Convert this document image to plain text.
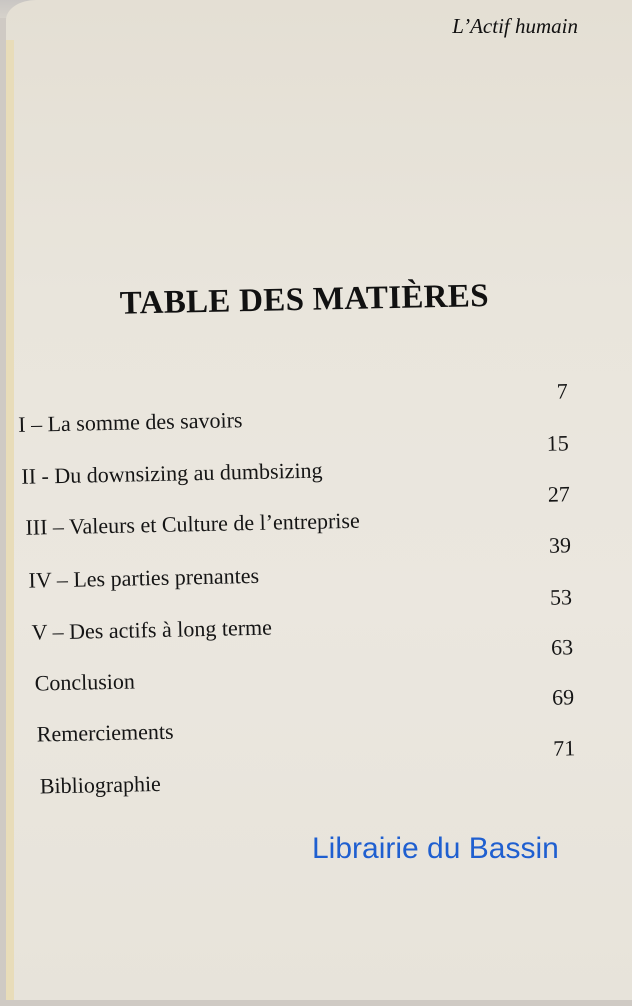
L’Actif humain
TABLE DES MATIÈRES
7
I – La somme des savoirs
15
II - Du downsizing au dumbsizing
27
III – Valeurs et Culture de l’entreprise
39
IV – Les parties prenantes
53
V – Des actifs à long terme
63
Conclusion
69
Remerciements
71
Bibliographie
Librairie du Bassin
